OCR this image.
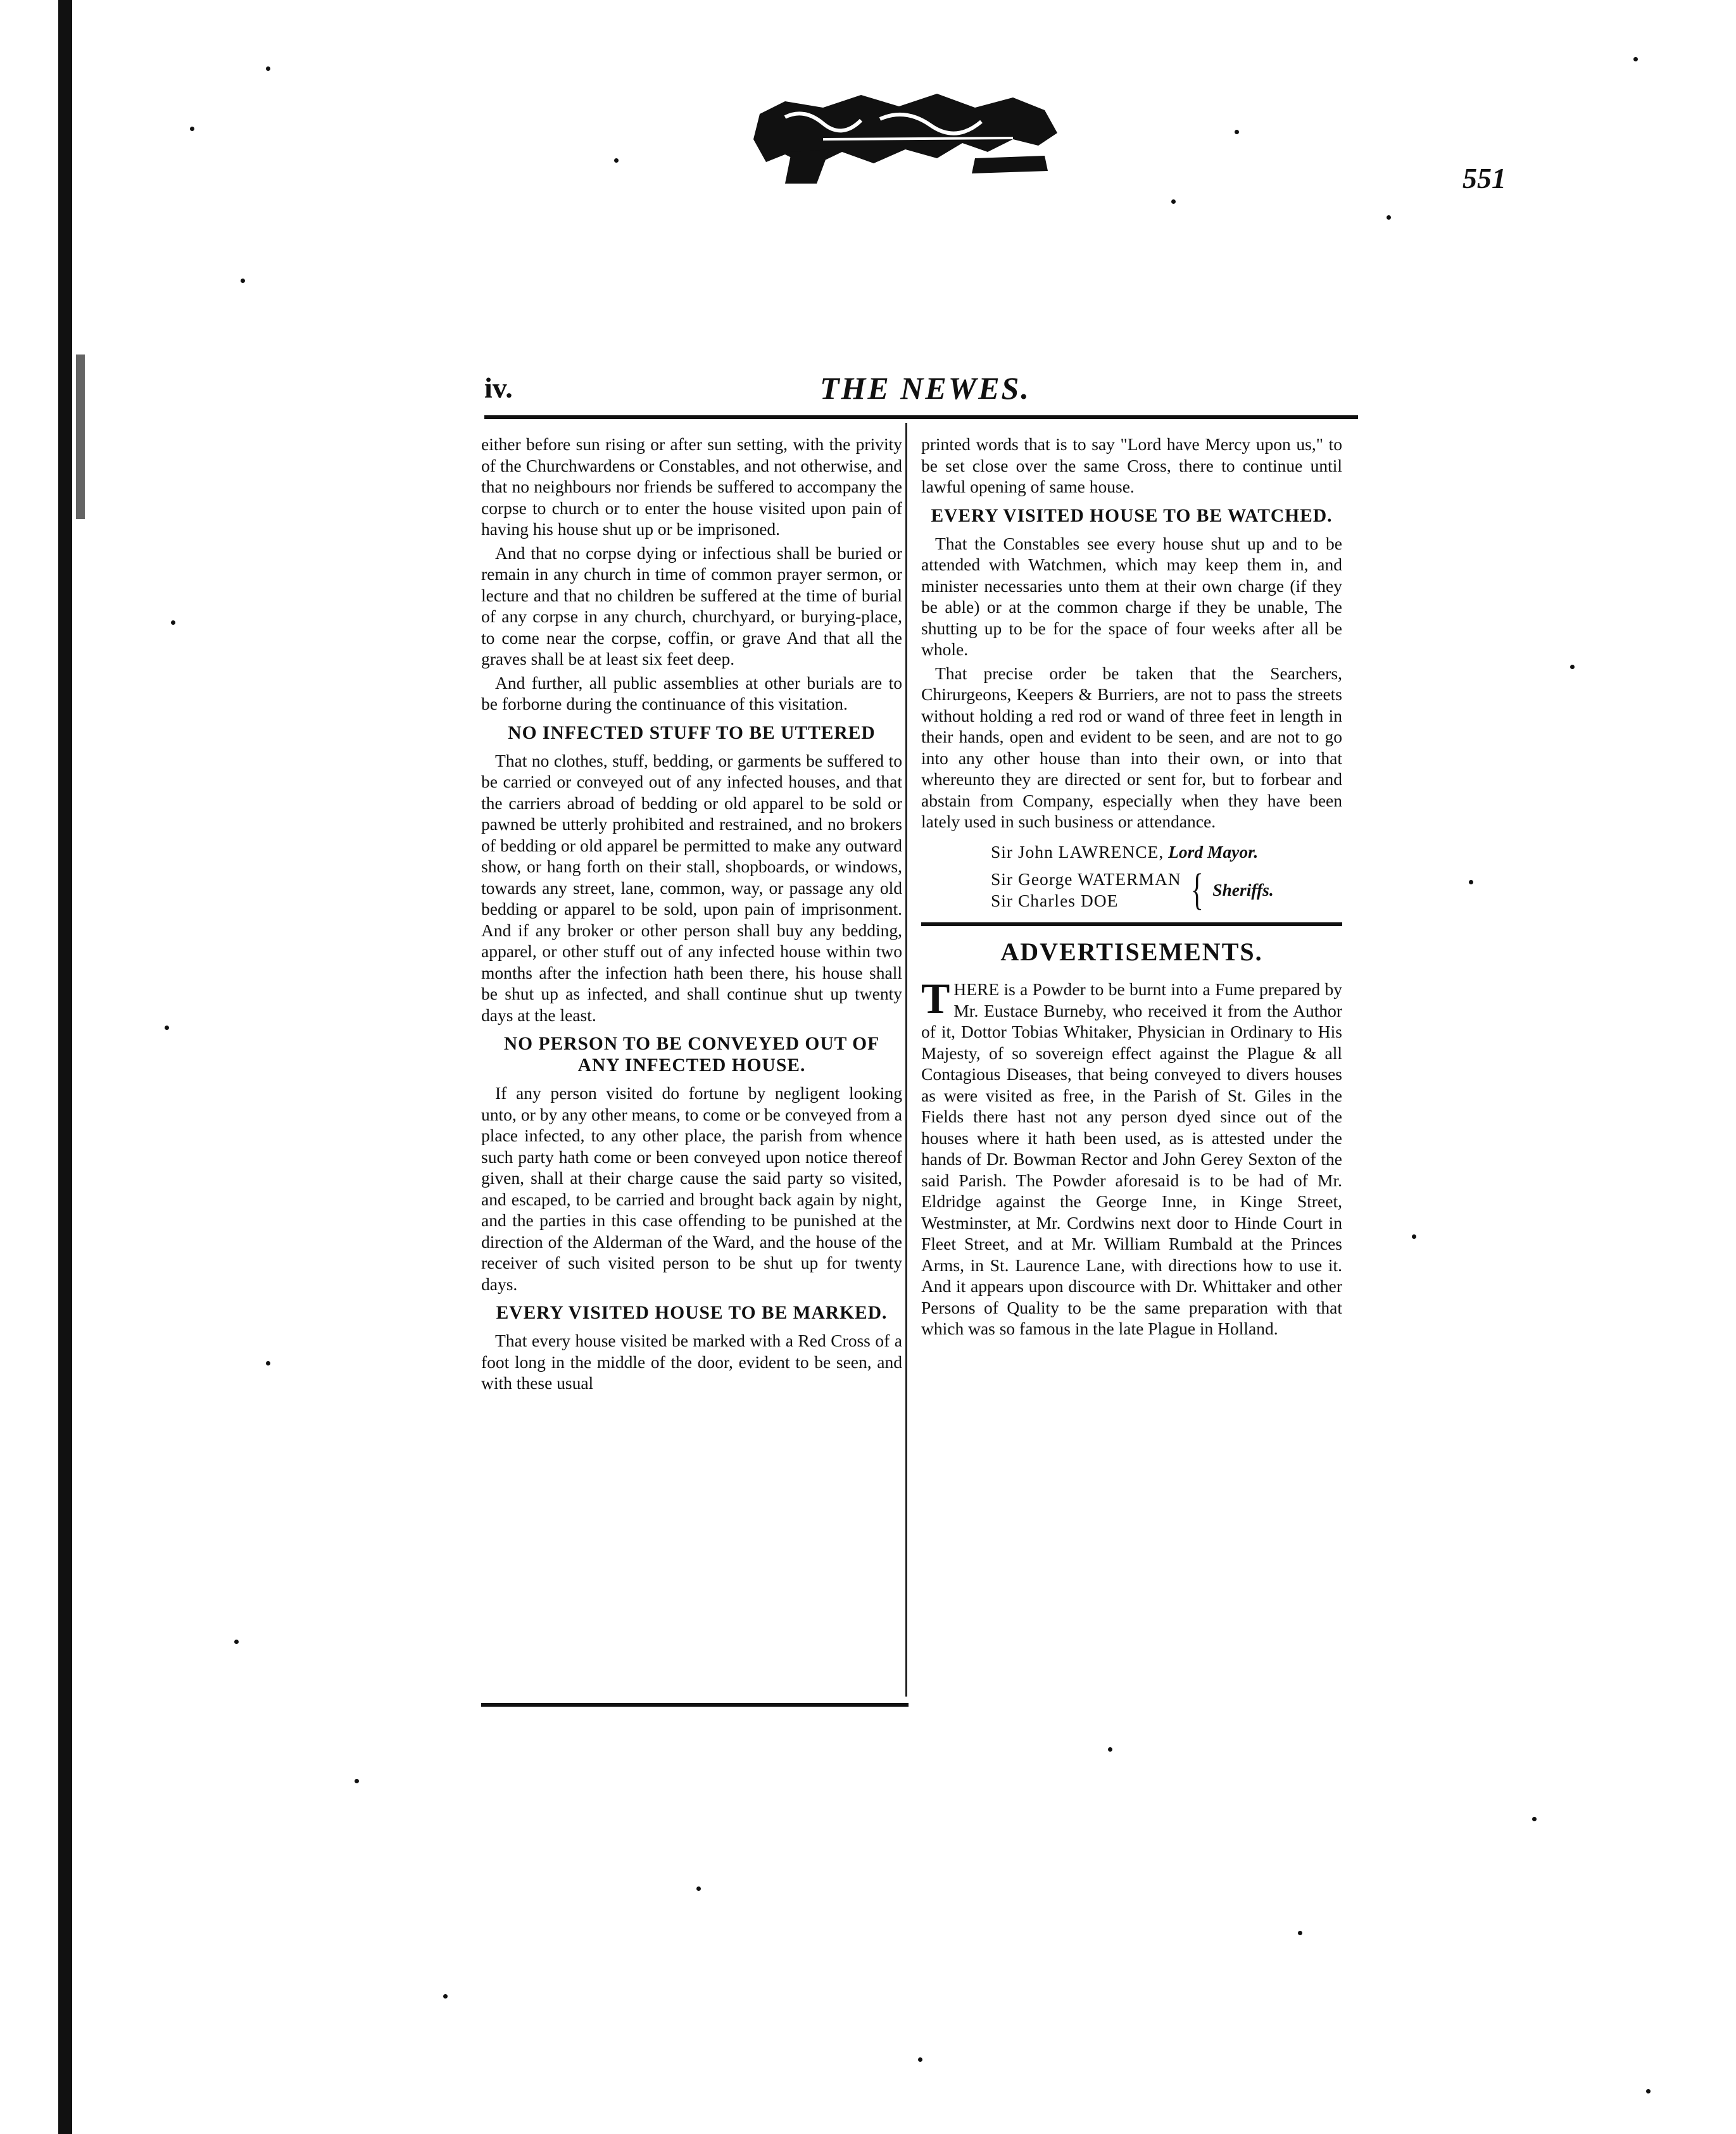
551
iv.	THE NEWES.

either before sun rising or after sun setting, with the privity of the Churchwardens or Constables, and not otherwise, and that no neighbours nor friends be suffered to accompany the corpse to church or to enter the house visited upon pain of having his house shut up or be imprisoned.

And that no corpse dying or infectious shall be buried or remain in any church in time of common prayer sermon, or lecture and that no children be suffered at the time of burial of any corpse in any church, churchyard, or burying-place, to come near the corpse, coffin, or grave And that all the graves shall be at least six feet deep.

And further, all public assemblies at other burials are to be forborne during the continuance of this visitation.

NO INFECTED STUFF TO BE UTTERED

That no clothes, stuff, bedding, or garments be suffered to be carried or conveyed out of any infected houses, and that the carriers abroad of bedding or old apparel to be sold or pawned be utterly prohibited and restrained, and no brokers of bedding or old apparel be permitted to make any outward show, or hang forth on their stall, shopboards, or windows, towards any street, lane, common, way, or passage any old bedding or apparel to be sold, upon pain of imprisonment. And if any broker or other person shall buy any bedding, apparel, or other stuff out of any infected house within two months after the infection hath been there, his house shall be shut up as infected, and shall continue shut up twenty days at the least.

NO PERSON TO BE CONVEYED OUT OF ANY INFECTED HOUSE.

If any person visited do fortune by negligent looking unto, or by any other means, to come or be conveyed from a place infected, to any other place, the parish from whence such party hath come or been conveyed upon notice thereof given, shall at their charge cause the said party so visited, and escaped, to be carried and brought back again by night, and the parties in this case offending to be punished at the direction of the Alderman of the Ward, and the house of the receiver of such visited person to be shut up for twenty days.

EVERY VISITED HOUSE TO BE MARKED.

That every house visited be marked with a Red Cross of a foot long in the middle of the door, evident to be seen, and with these usual

printed words that is to say "Lord have Mercy upon us," to be set close over the same Cross, there to continue until lawful opening of same house.

EVERY VISITED HOUSE TO BE WATCHED.

That the Constables see every house shut up and to be attended with Watchmen, which may keep them in, and minister necessaries unto them at their own charge (if they be able) or at the common charge if they be unable, The shutting up to be for the space of four weeks after all be whole.

That precise order be taken that the Searchers, Chirurgeons, Keepers & Burriers, are not to pass the streets without holding a red rod or wand of three feet in length in their hands, open and evident to be seen, and are not to go into any other house than into their own, or into that whereunto they are directed or sent for, but to forbear and abstain from Company, especially when they have been lately used in such business or attendance.

Sir John LAWRENCE, Lord Mayor.
Sir George WATERMAN
Sir Charles DOE	{ Sheriffs.
ADVERTISEMENTS.

THERE is a Powder to be burnt into a Fume prepared by Mr. Eustace Burneby, who received it from the Author of it, Dottor Tobias Whitaker, Physician in Ordinary to His Majesty, of so sovereign effect against the Plague & all Contagious Diseases, that being conveyed to divers houses as were visited as free, in the Parish of St. Giles in the Fields there hast not any person dyed since out of the houses where it hath been used, as is attested under the hands of Dr. Bowman Rector and John Gerey Sexton of the said Parish. The Powder aforesaid is to be had of Mr. Eldridge against the George Inne, in Kinge Street, Westminster, at Mr. Cordwins next door to Hinde Court in Fleet Street, and at Mr. William Rumbald at the Princes Arms, in St. Laurence Lane, with directions how to use it. And it appears upon discource with Dr. Whittaker and other Persons of Quality to be the same preparation with that which was so famous in the late Plague in Holland.
